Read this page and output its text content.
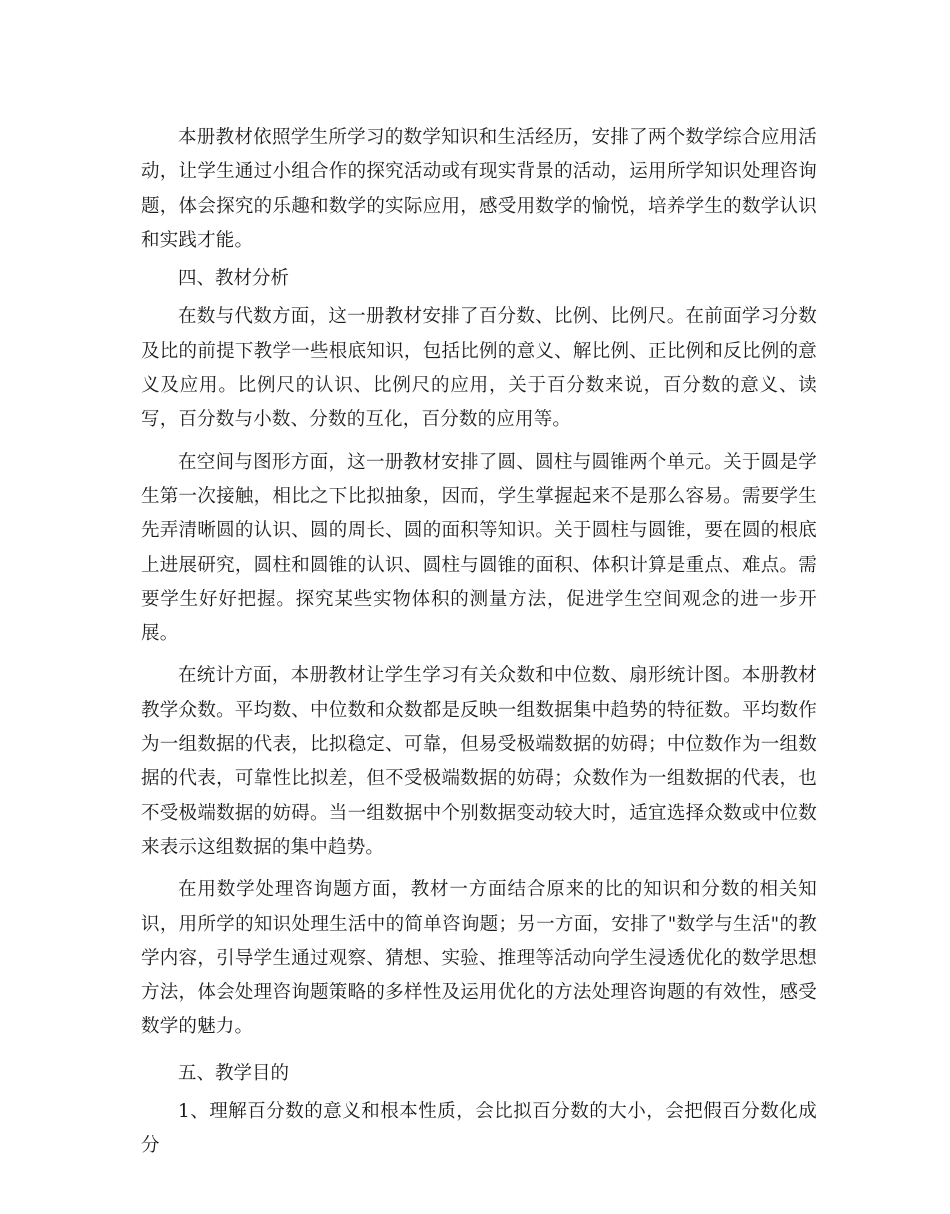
本册教材依照学生所学习的数学知识和生活经历，安排了两个数学综合应用活动，让学生通过小组合作的探究活动或有现实背景的活动，运用所学知识处理咨询题，体会探究的乐趣和数学的实际应用，感受用数学的愉悦，培养学生的数学认识和实践才能。

四、教材分析

在数与代数方面，这一册教材安排了百分数、比例、比例尺。在前面学习分数及比的前提下教学一些根底知识，包括比例的意义、解比例、正比例和反比例的意义及应用。比例尺的认识、比例尺的应用，关于百分数来说，百分数的意义、读写，百分数与小数、分数的互化，百分数的应用等。

在空间与图形方面，这一册教材安排了圆、圆柱与圆锥两个单元。关于圆是学生第一次接触，相比之下比拟抽象，因而，学生掌握起来不是那么容易。需要学生先弄清晰圆的认识、圆的周长、圆的面积等知识。关于圆柱与圆锥，要在圆的根底上进展研究，圆柱和圆锥的认识、圆柱与圆锥的面积、体积计算是重点、难点。需要学生好好把握。探究某些实物体积的测量方法，促进学生空间观念的进一步开展。

在统计方面，本册教材让学生学习有关众数和中位数、扇形统计图。本册教材教学众数。平均数、中位数和众数都是反映一组数据集中趋势的特征数。平均数作为一组数据的代表，比拟稳定、可靠，但易受极端数据的妨碍；中位数作为一组数据的代表，可靠性比拟差，但不受极端数据的妨碍；众数作为一组数据的代表，也不受极端数据的妨碍。当一组数据中个别数据变动较大时，适宜选择众数或中位数来表示这组数据的集中趋势。

在用数学处理咨询题方面，教材一方面结合原来的比的知识和分数的相关知识，用所学的知识处理生活中的简单咨询题；另一方面，安排了"数学与生活"的教学内容，引导学生通过观察、猜想、实验、推理等活动向学生浸透优化的数学思想方法，体会处理咨询题策略的多样性及运用优化的方法处理咨询题的有效性，感受数学的魅力。

五、教学目的

1、理解百分数的意义和根本性质，会比拟百分数的大小，会把假百分数化成分
